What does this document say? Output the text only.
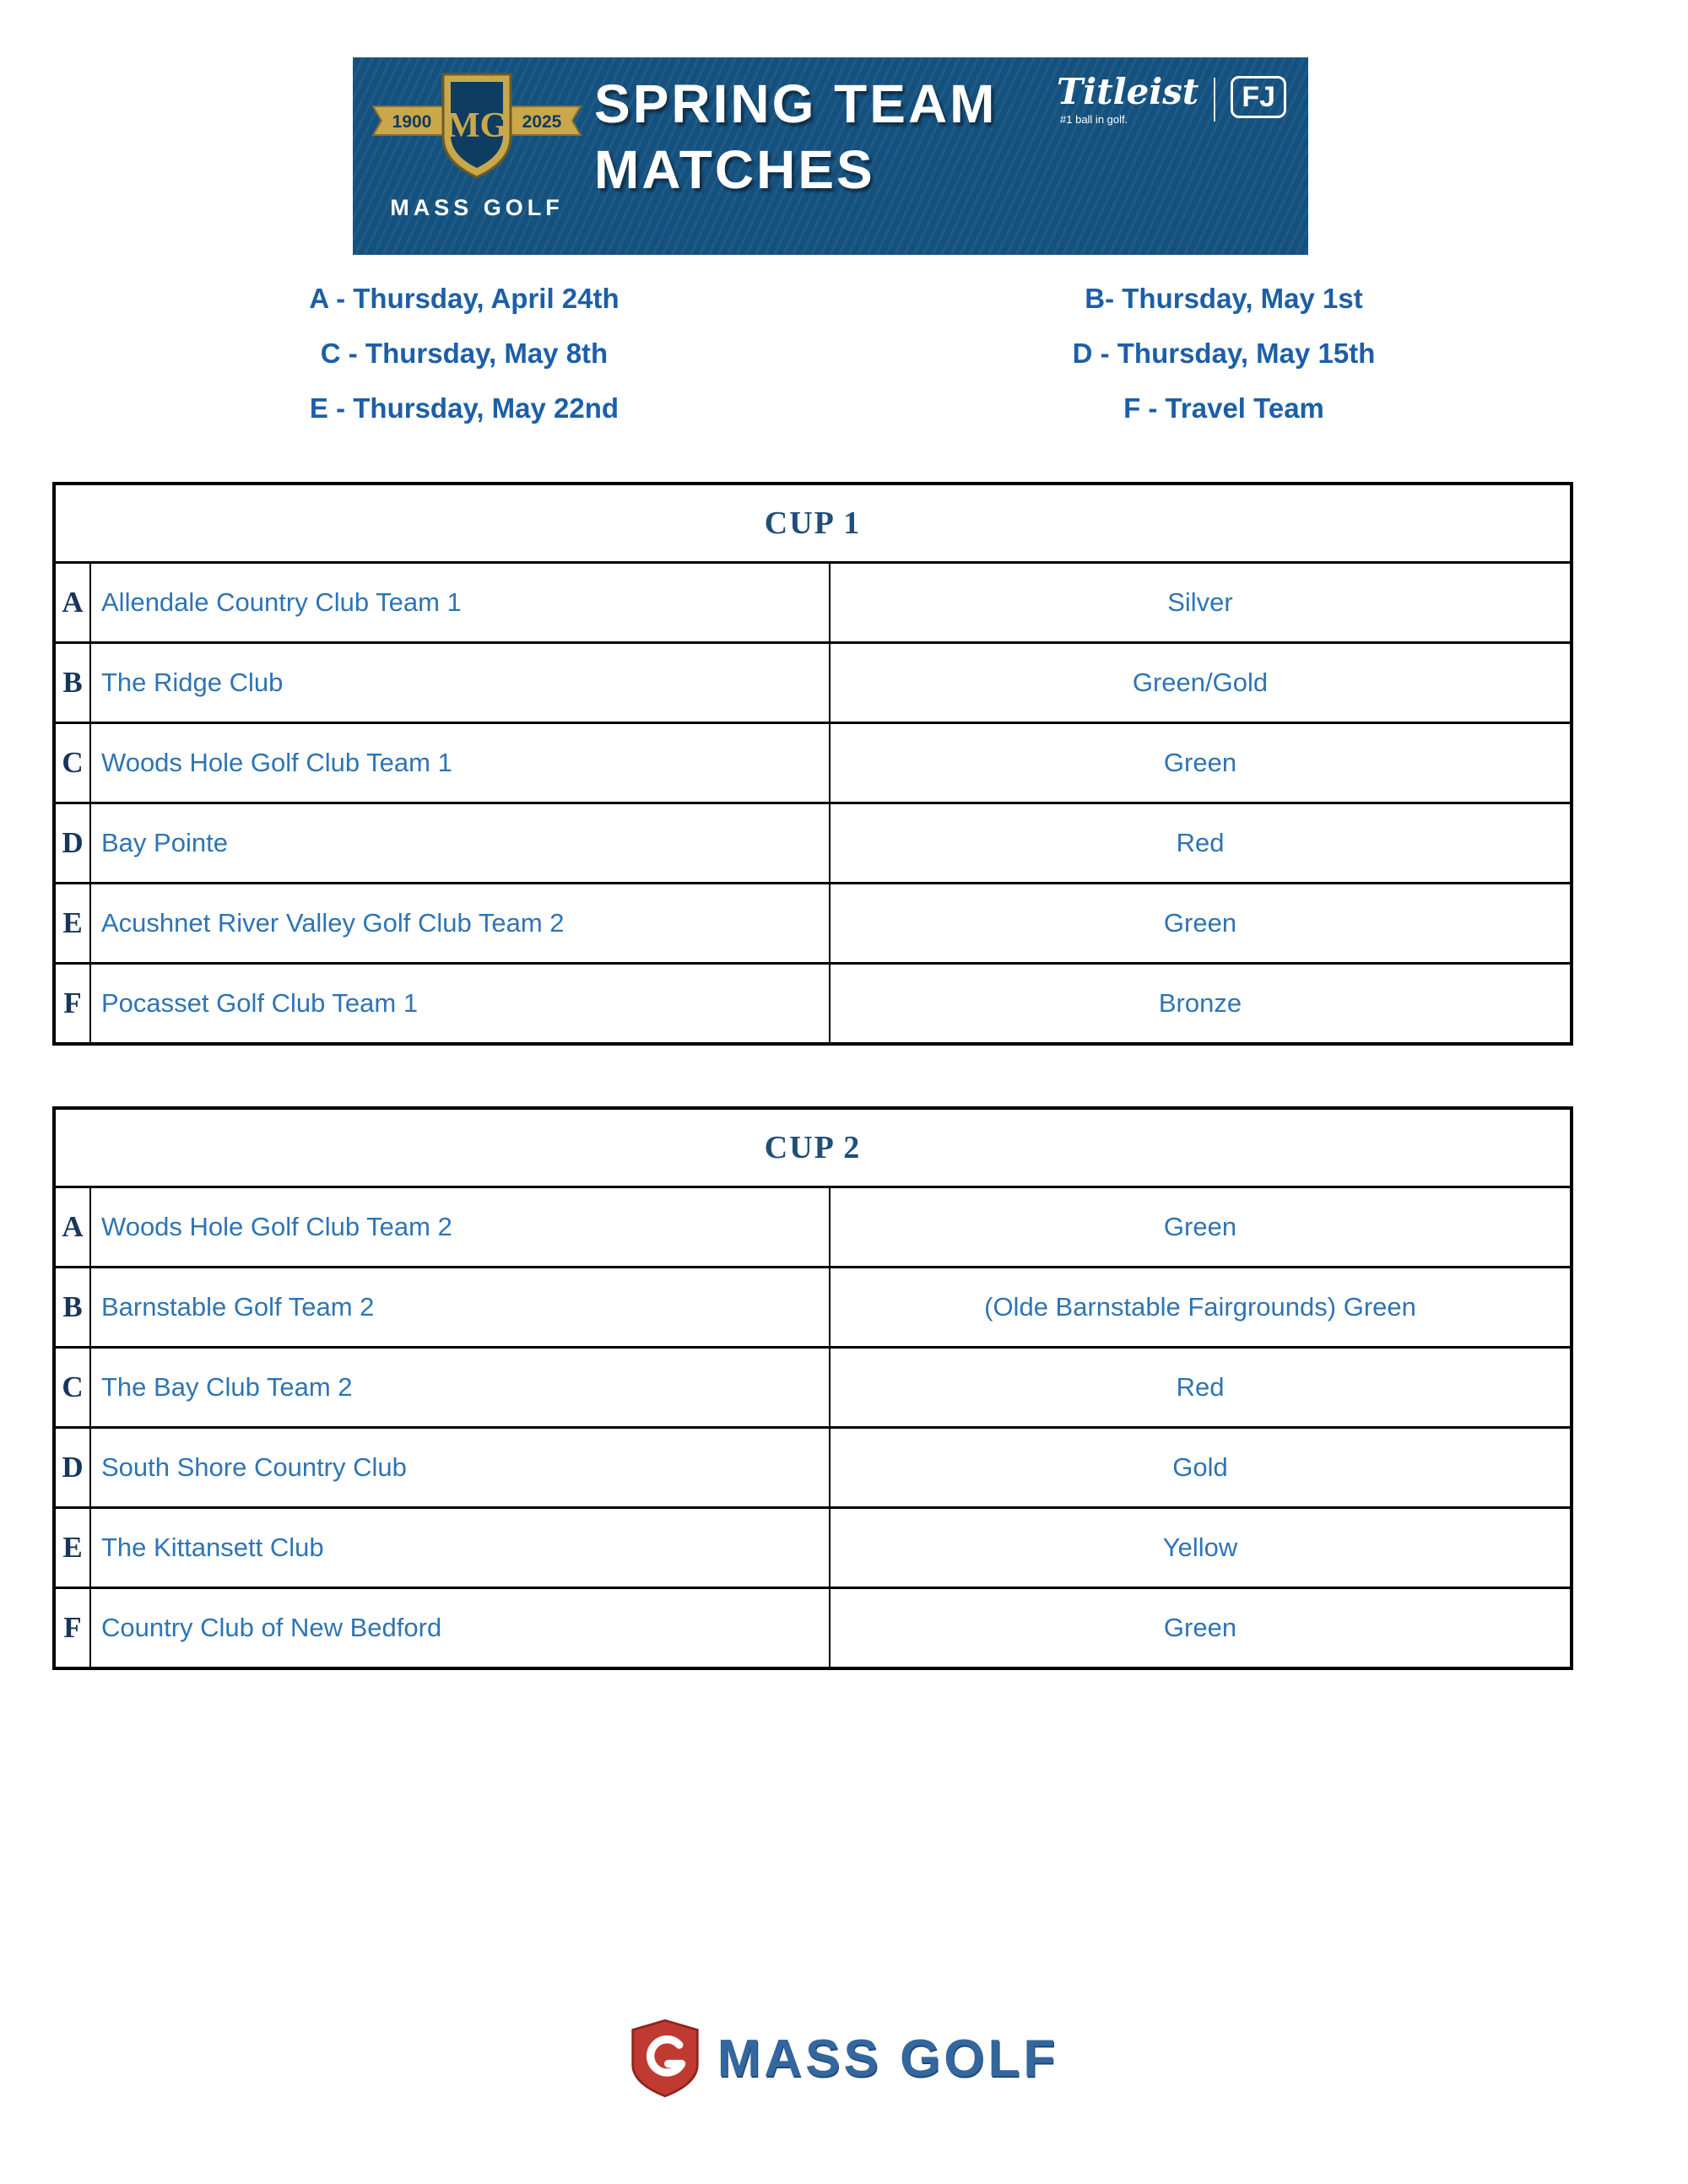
1900	2025
MG
MASS GOLF
SPRING TEAM
MATCHES
Titleist
#1 ball in golf.
FJ
A - Thursday, April 24th	B- Thursday, May 1st
C - Thursday, May 8th	D - Thursday, May 15th
E - Thursday, May 22nd	F - Travel Team
CUP 1
A Allendale Country Club Team 1	Silver
B The Ridge Club	Green/Gold
C Woods Hole Golf Club Team 1	Green
D Bay Pointe	Red
E Acushnet River Valley Golf Club Team 2	Green
F Pocasset Golf Club Team 1	Bronze
CUP 2
A Woods Hole Golf Club Team 2	Green
B Barnstable Golf Team 2	(Olde Barnstable Fairgrounds) Green
C The Bay Club Team 2	Red
D South Shore Country Club	Gold
E The Kittansett Club	Yellow
F Country Club of New Bedford	Green
MASS GOLF
